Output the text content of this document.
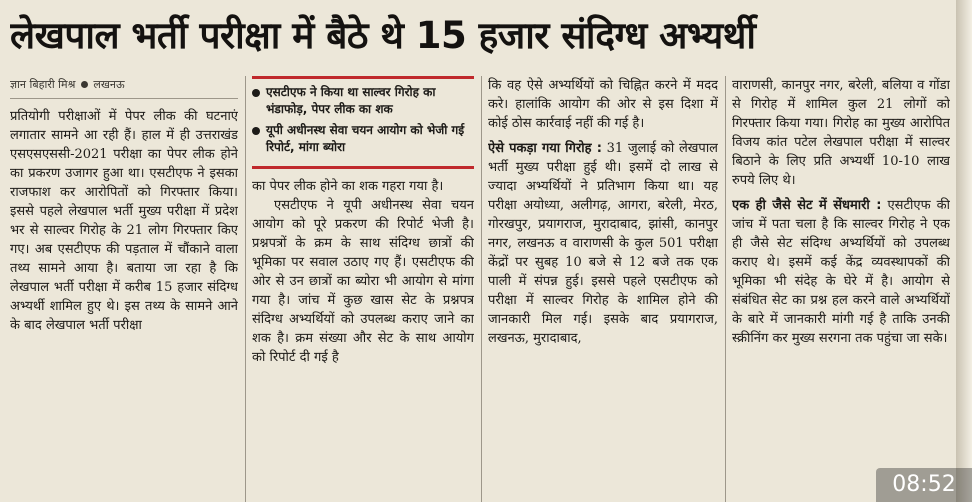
लेखपाल भर्ती परीक्षा में बैठे थे 15 हजार संदिग्ध अभ्यर्थी
ज्ञान बिहारी मिश्र लखनऊ

प्रतियोगी परीक्षाओं में पेपर लीक की घटनाएं लगातार सामने आ रही हैं। हाल में ही उत्तराखंड एसएसएससी-2021 परीक्षा का पेपर लीक होने का प्रकरण उजागर हुआ था। एसटीएफ ने इसका राजफाश कर आरोपितों को गिरफ्तार किया। इससे पहले लेखपाल भर्ती मुख्य परीक्षा में प्रदेश भर से साल्वर गिरोह के 21 लोग गिरफ्तार किए गए। अब एसटीएफ की पड़ताल में चौंकाने वाला तथ्य सामने आया है। बताया जा रहा है कि लेखपाल भर्ती परीक्षा में करीब 15 हजार संदिग्ध अभ्यर्थी शामिल हुए थे। इस तथ्य के सामने आने के बाद लेखपाल भर्ती परीक्षा

एसटीएफ ने किया था साल्वर गिरोह का भंडाफोड़, पेपर लीक का शक
यूपी अधीनस्थ सेवा चयन आयोग को भेजी गई रिपोर्ट, मांगा ब्योरा

का पेपर लीक होने का शक गहरा गया है।

एसटीएफ ने यूपी अधीनस्थ सेवा चयन आयोग को पूरे प्रकरण की रिपोर्ट भेजी है। प्रश्नपत्रों के क्रम के साथ संदिग्ध छात्रों की भूमिका पर सवाल उठाए गए हैं। एसटीएफ की ओर से उन छात्रों का ब्योरा भी आयोग से मांगा गया है। जांच में कुछ खास सेट के प्रश्नपत्र संदिग्ध अभ्यर्थियों को उपलब्ध कराए जाने का शक है। क्रम संख्या और सेट के साथ आयोग को रिपोर्ट दी गई है

कि वह ऐसे अभ्यर्थियों को चिह्नित करने में मदद करे। हालांकि आयोग की ओर से इस दिशा में कोई ठोस कार्रवाई नहीं की गई है।

ऐसे पकड़ा गया गिरोह : 31 जुलाई को लेखपाल भर्ती मुख्य परीक्षा हुई थी। इसमें दो लाख से ज्यादा अभ्यर्थियों ने प्रतिभाग किया था। यह परीक्षा अयोध्या, अलीगढ़, आगरा, बरेली, मेरठ, गोरखपुर, प्रयागराज, मुरादाबाद, झांसी, कानपुर नगर, लखनऊ व वाराणसी के कुल 501 परीक्षा केंद्रों पर सुबह 10 बजे से 12 बजे तक एक पाली में संपन्न हुई। इससे पहले एसटीएफ को परीक्षा में साल्वर गिरोह के शामिल होने की जानकारी मिल गई। इसके बाद प्रयागराज, लखनऊ, मुरादाबाद,

वाराणसी, कानपुर नगर, बरेली, बलिया व गोंडा से गिरोह में शामिल कुल 21 लोगों को गिरफ्तार किया गया। गिरोह का मुख्य आरोपित विजय कांत पटेल लेखपाल परीक्षा में साल्वर बिठाने के लिए प्रति अभ्यर्थी 10-10 लाख रुपये लिए थे।

एक ही जैसे सेट में सेंधमारी : एसटीएफ की जांच में पता चला है कि साल्वर गिरोह ने एक ही जैसे सेट संदिग्ध अभ्यर्थियों को उपलब्ध कराए थे। इसमें कई केंद्र व्यवस्थापकों की भूमिका भी संदेह के घेरे में है। आयोग से संबंधित सेट का प्रश्न हल करने वाले अभ्यर्थियों के बारे में जानकारी मांगी गई है ताकि उनकी स्क्रीनिंग कर मुख्य सरगना तक पहुंचा जा सके।

08:52
